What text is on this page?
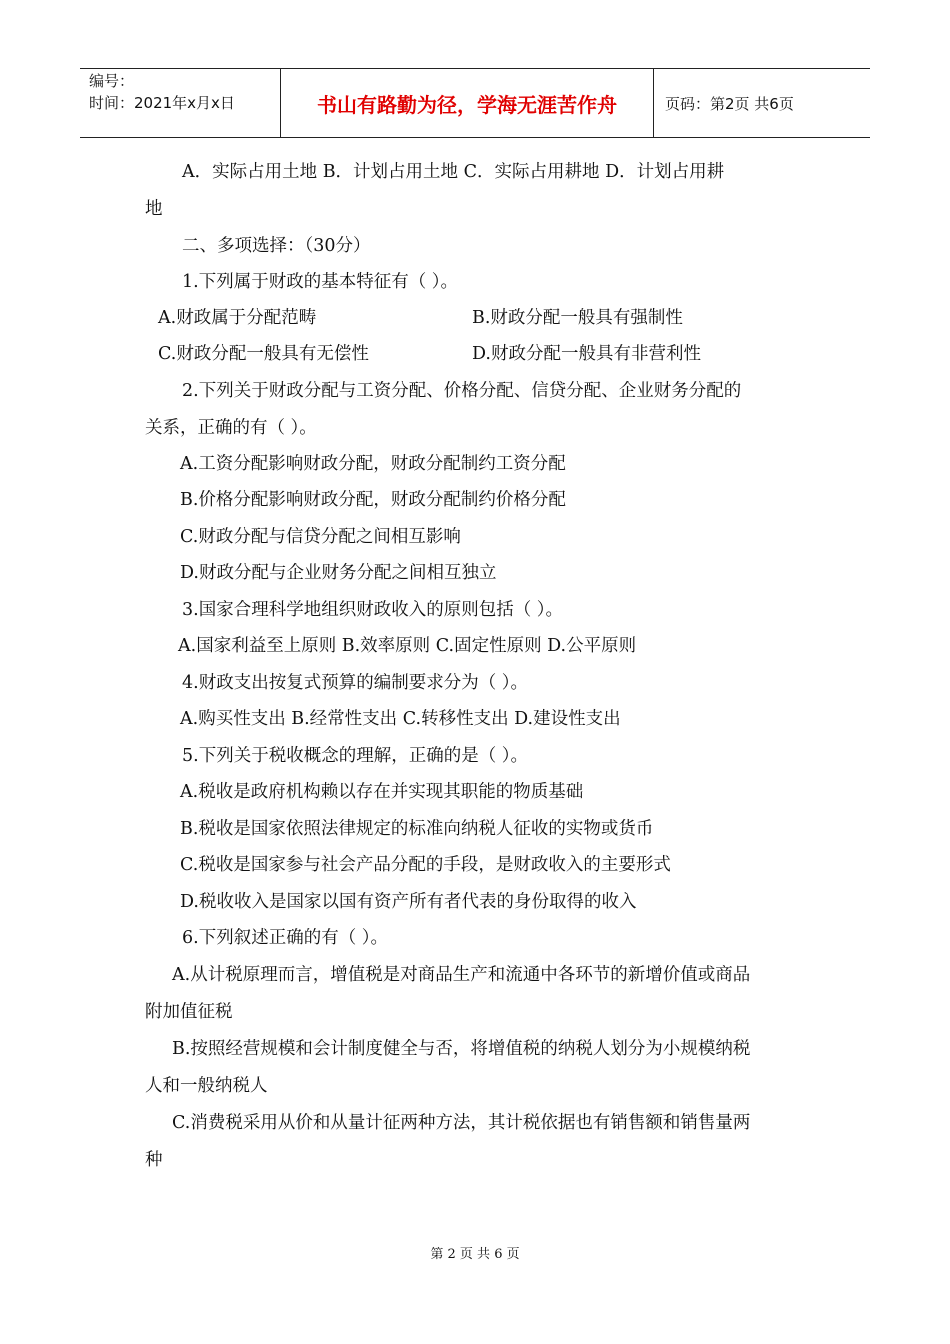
编号：
时间：2021年x月x日	书山有路勤为径，学海无涯苦作舟	页码：第2页 共6页
A．实际占用土地 B．计划占用土地 C．实际占用耕地 D．计划占用耕
地
二、多项选择：（30分）
1.下列属于财政的基本特征有（ ）。
A.财政属于分配范畴	B.财政分配一般具有强制性
C.财政分配一般具有无偿性	D.财政分配一般具有非营利性
2.下列关于财政分配与工资分配、价格分配、信贷分配、企业财务分配的
关系，正确的有（ ）。
A.工资分配影响财政分配，财政分配制约工资分配
B.价格分配影响财政分配，财政分配制约价格分配
C.财政分配与信贷分配之间相互影响
D.财政分配与企业财务分配之间相互独立
3.国家合理科学地组织财政收入的原则包括（ ）。
A.国家利益至上原则 B.效率原则 C.固定性原则 D.公平原则
4.财政支出按复式预算的编制要求分为（ ）。
A.购买性支出 B.经常性支出 C.转移性支出 D.建设性支出
5.下列关于税收概念的理解，正确的是（ ）。
A.税收是政府机构赖以存在并实现其职能的物质基础
B.税收是国家依照法律规定的标准向纳税人征收的实物或货币
C.税收是国家参与社会产品分配的手段，是财政收入的主要形式
D.税收收入是国家以国有资产所有者代表的身份取得的收入
6.下列叙述正确的有（ ）。
A.从计税原理而言，增值税是对商品生产和流通中各环节的新增价值或商品
附加值征税
B.按照经营规模和会计制度健全与否，将增值税的纳税人划分为小规模纳税
人和一般纳税人
C.消费税采用从价和从量计征两种方法，其计税依据也有销售额和销售量两
种
第 2 页 共 6 页
